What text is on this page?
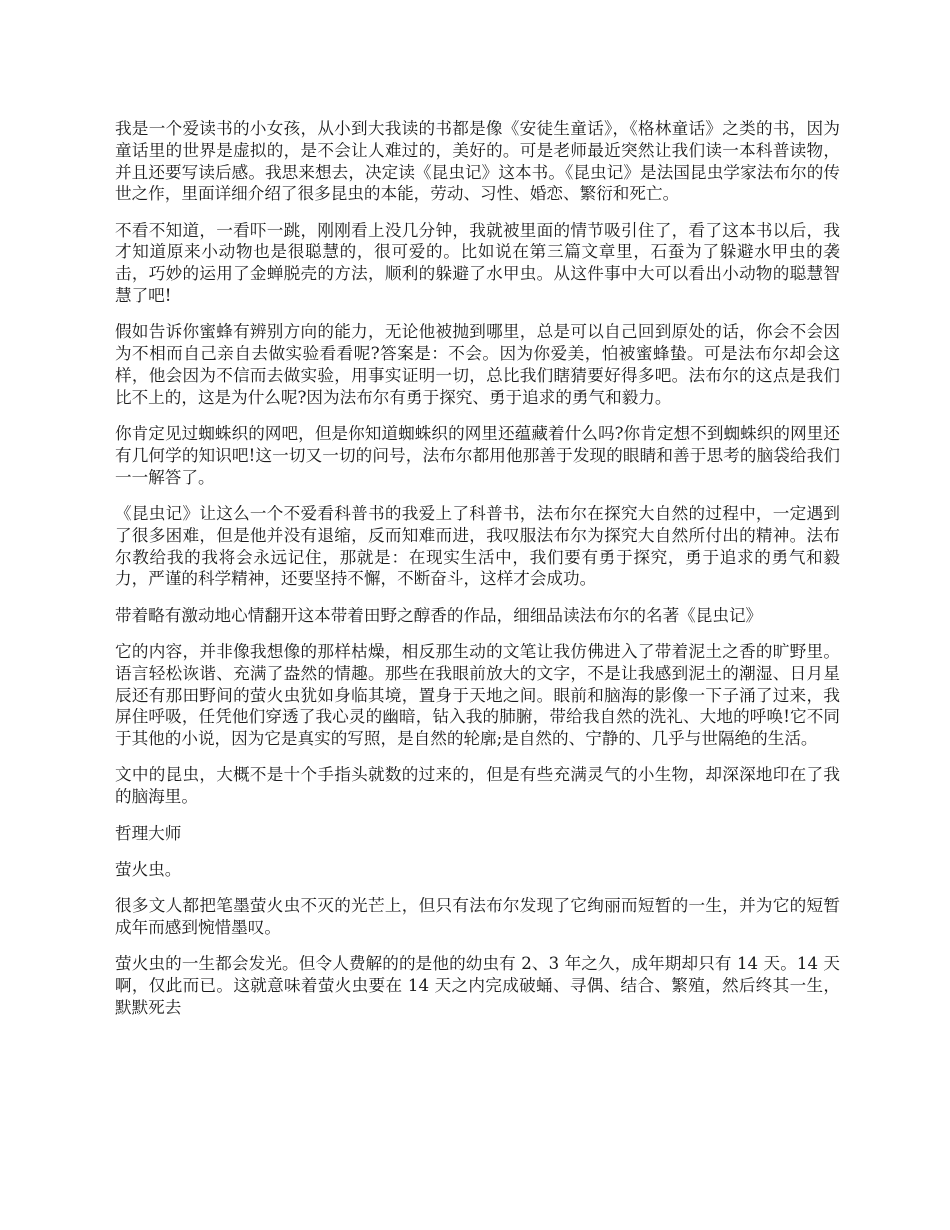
我是一个爱读书的小女孩，从小到大我读的书都是像《安徒生童话》，《格林童话》之类的书，因为童话里的世界是虚拟的，是不会让人难过的，美好的。可是老师最近突然让我们读一本科普读物，并且还要写读后感。我思来想去，决定读《昆虫记》这本书。《昆虫记》是法国昆虫学家法布尔的传世之作，里面详细介绍了很多昆虫的本能，劳动、习性、婚恋、繁衍和死亡。

不看不知道，一看吓一跳，刚刚看上没几分钟，我就被里面的情节吸引住了，看了这本书以后，我才知道原来小动物也是很聪慧的，很可爱的。比如说在第三篇文章里，石蚕为了躲避水甲虫的袭击，巧妙的运用了金蝉脱壳的方法，顺利的躲避了水甲虫。从这件事中大可以看出小动物的聪慧智慧了吧!

假如告诉你蜜蜂有辨别方向的能力，无论他被抛到哪里，总是可以自己回到原处的话，你会不会因为不相而自己亲自去做实验看看呢?答案是：不会。因为你爱美，怕被蜜蜂蛰。可是法布尔却会这样，他会因为不信而去做实验，用事实证明一切，总比我们瞎猜要好得多吧。法布尔的这点是我们比不上的，这是为什么呢?因为法布尔有勇于探究、勇于追求的勇气和毅力。

你肯定见过蜘蛛织的网吧，但是你知道蜘蛛织的网里还蕴藏着什么吗?你肯定想不到蜘蛛织的网里还有几何学的知识吧!这一切又一切的问号，法布尔都用他那善于发现的眼睛和善于思考的脑袋给我们一一解答了。

《昆虫记》让这么一个不爱看科普书的我爱上了科普书，法布尔在探究大自然的过程中，一定遇到了很多困难，但是他并没有退缩，反而知难而进，我叹服法布尔为探究大自然所付出的精神。法布尔教给我的我将会永远记住，那就是：在现实生活中，我们要有勇于探究，勇于追求的勇气和毅力，严谨的科学精神，还要坚持不懈，不断奋斗，这样才会成功。

带着略有激动地心情翻开这本带着田野之醇香的作品，细细品读法布尔的名著《昆虫记》

它的内容，并非像我想像的那样枯燥，相反那生动的文笔让我仿佛进入了带着泥土之香的旷野里。语言轻松诙谐、充满了盎然的情趣。那些在我眼前放大的文字，不是让我感到泥土的潮湿、日月星辰还有那田野间的萤火虫犹如身临其境，置身于天地之间。眼前和脑海的影像一下子涌了过来，我屏住呼吸，任凭他们穿透了我心灵的幽暗，钻入我的肺腑，带给我自然的洗礼、大地的呼唤!它不同于其他的小说，因为它是真实的写照，是自然的轮廓;是自然的、宁静的、几乎与世隔绝的生活。

文中的昆虫，大概不是十个手指头就数的过来的，但是有些充满灵气的小生物，却深深地印在了我的脑海里。

哲理大师

萤火虫。

很多文人都把笔墨萤火虫不灭的光芒上，但只有法布尔发现了它绚丽而短暂的一生，并为它的短暂成年而感到惋惜墨叹。

萤火虫的一生都会发光。但令人费解的的是他的幼虫有 2、3 年之久，成年期却只有 14 天。14 天啊，仅此而已。这就意味着萤火虫要在 14 天之内完成破蛹、寻偶、结合、繁殖，然后终其一生，默默死去
